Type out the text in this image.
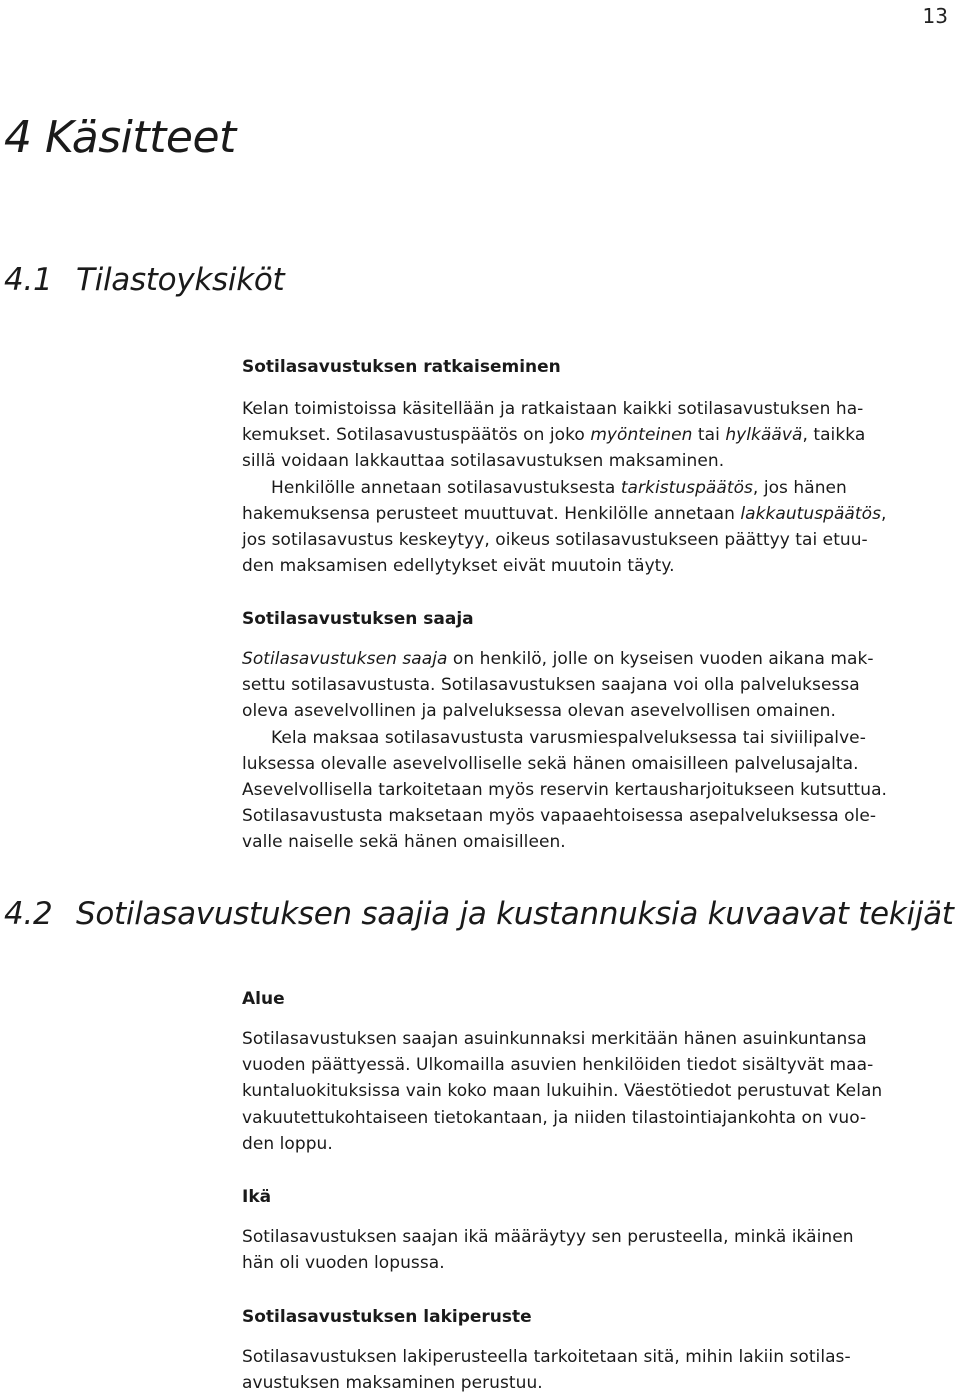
13
4 Käsitteet
4.1 Tilastoyksiköt
Sotilasavustuksen ratkaiseminen
Kelan toimistoissa käsitellään ja ratkaistaan kaikki sotilasavustuksen ha-
kemukset. Sotilasavustuspäätös on joko myönteinen tai hylkäävä, taikka
sillä voidaan lakkauttaa sotilasavustuksen maksaminen.
Henkilölle annetaan sotilasavustuksesta tarkistuspäätös, jos hänen
hakemuksensa perusteet muuttuvat. Henkilölle annetaan lakkautuspäätös,
jos sotilasavustus keskeytyy, oikeus sotilasavustukseen päättyy tai etuu-
den maksamisen edellytykset eivät muutoin täyty.
Sotilasavustuksen saaja
Sotilasavustuksen saaja on henkilö, jolle on kyseisen vuoden aikana mak-
settu sotilasavustusta. Sotilasavustuksen saajana voi olla palveluksessa
oleva asevelvollinen ja palveluksessa olevan asevelvollisen omainen.
Kela maksaa sotilasavustusta varusmiespalveluksessa tai siviilipalve-
luksessa olevalle asevelvolliselle sekä hänen omaisilleen palvelusajalta.
Asevelvollisella tarkoitetaan myös reservin kertausharjoitukseen kutsuttua.
Sotilasavustusta maksetaan myös vapaaehtoisessa asepalveluksessa ole-
valle naiselle sekä hänen omaisilleen.
4.2 Sotilasavustuksen saajia ja kustannuksia kuvaavat tekijät
Alue
Sotilasavustuksen saajan asuinkunnaksi merkitään hänen asuinkuntansa
vuoden päättyessä. Ulkomailla asuvien henkilöiden tiedot sisältyvät maa-
kuntaluokituksissa vain koko maan lukuihin. Väestötiedot perustuvat Kelan
vakuutettukohtaiseen tietokantaan, ja niiden tilastointiajankohta on vuo-
den loppu.
Ikä
Sotilasavustuksen saajan ikä määräytyy sen perusteella, minkä ikäinen
hän oli vuoden lopussa.
Sotilasavustuksen lakiperuste
Sotilasavustuksen lakiperusteella tarkoitetaan sitä, mihin lakiin sotilas-
avustuksen maksaminen perustuu.
